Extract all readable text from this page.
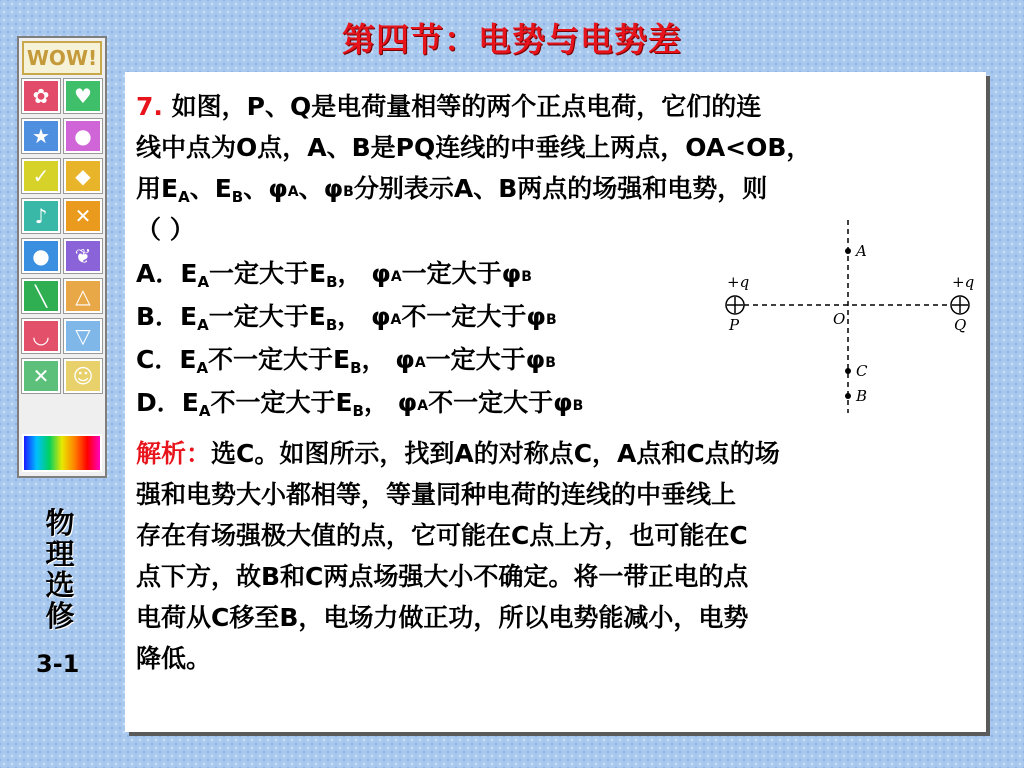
第四节：电势与电势差
WOW!
✿	♥
★	●
✓	◆
♪	✕
●	❦
╲	△
◡	▽
✕	☺
物
理
选
修
3-1
7. 如图，P、Q是电荷量相等的两个正点电荷，它们的连
线中点为O点，A、B是PQ连线的中垂线上两点，OA<OB，
用$E_A$、$E_B$、φA、φB分别表示A、B两点的场强和电势，则
（ ）
A．$E_A$一定大于$E_B$， φA一定大于φB
B．$E_A$一定大于$E_B$， φA不一定大于φB
C．$E_A$不一定大于$E_B$， φA一定大于φB
D．$E_A$不一定大于$E_B$， φA不一定大于φB
+q	+q
P	Q
O
A
C
B
解析：选C。如图所示，找到A的对称点C，A点和C点的场
强和电势大小都相等，等量同种电荷的连线的中垂线上
存在有场强极大值的点，它可能在C点上方，也可能在C
点下方，故B和C两点场强大小不确定。将一带正电的点
电荷从C移至B，电场力做正功，所以电势能减小，电势
降低。
